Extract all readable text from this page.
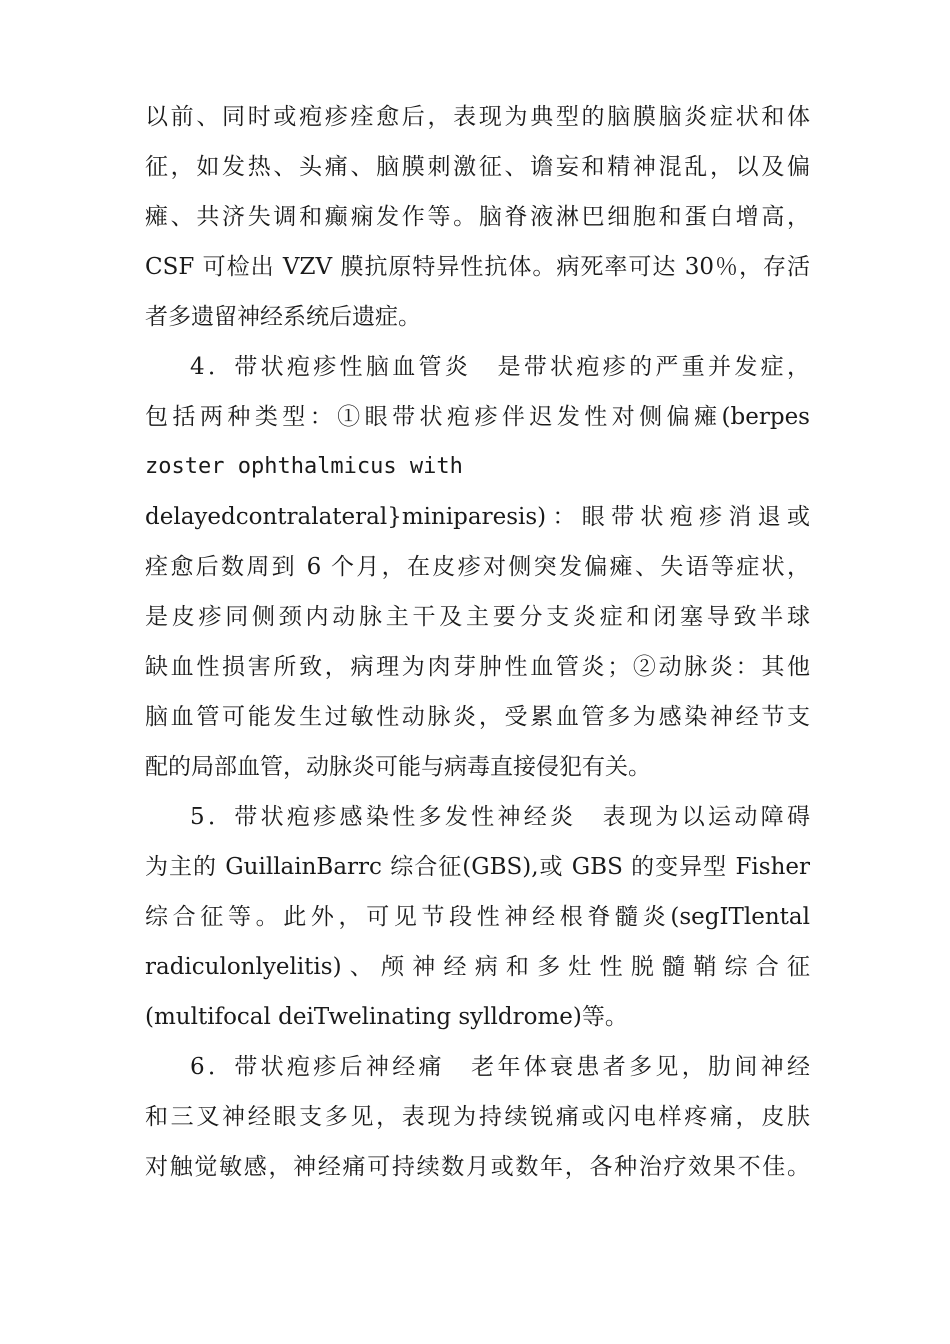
以前、同时或疱疹痊愈后，表现为典型的脑膜脑炎症状和体
征，如发热、头痛、脑膜刺激征、谵妄和精神混乱，以及偏
瘫、共济失调和癫痫发作等。脑脊液淋巴细胞和蛋白增高，
CSF 可检出 VZV 膜抗原特异性抗体。病死率可达 30％，存活
者多遗留神经系统后遗症。
4．带状疱疹性脑血管炎　是带状疱疹的严重并发症，
包括两种类型：①眼带状疱疹伴迟发性对侧偏瘫(berpes
zoster ophthalmicus with
delayedcontralateral}miniparesis)：眼带状疱疹消退或
痊愈后数周到 6 个月，在皮疹对侧突发偏瘫、失语等症状，
是皮疹同侧颈内动脉主干及主要分支炎症和闭塞导致半球
缺血性损害所致，病理为肉芽肿性血管炎；②动脉炎：其他
脑血管可能发生过敏性动脉炎，受累血管多为感染神经节支
配的局部血管，动脉炎可能与病毒直接侵犯有关。
5．带状疱疹感染性多发性神经炎　表现为以运动障碍
为主的 GuillainBarrc 综合征(GBS),或 GBS 的变异型 Fisher
综合征等。此外，可见节段性神经根脊髓炎(segITlental
radiculonlyelitis)、颅神经病和多灶性脱髓鞘综合征
(multifocal deiTwelinating sylldrome)等。
6．带状疱疹后神经痛　老年体衰患者多见，肋间神经
和三叉神经眼支多见，表现为持续锐痛或闪电样疼痛，皮肤
对触觉敏感，神经痛可持续数月或数年，各种治疗效果不佳。
